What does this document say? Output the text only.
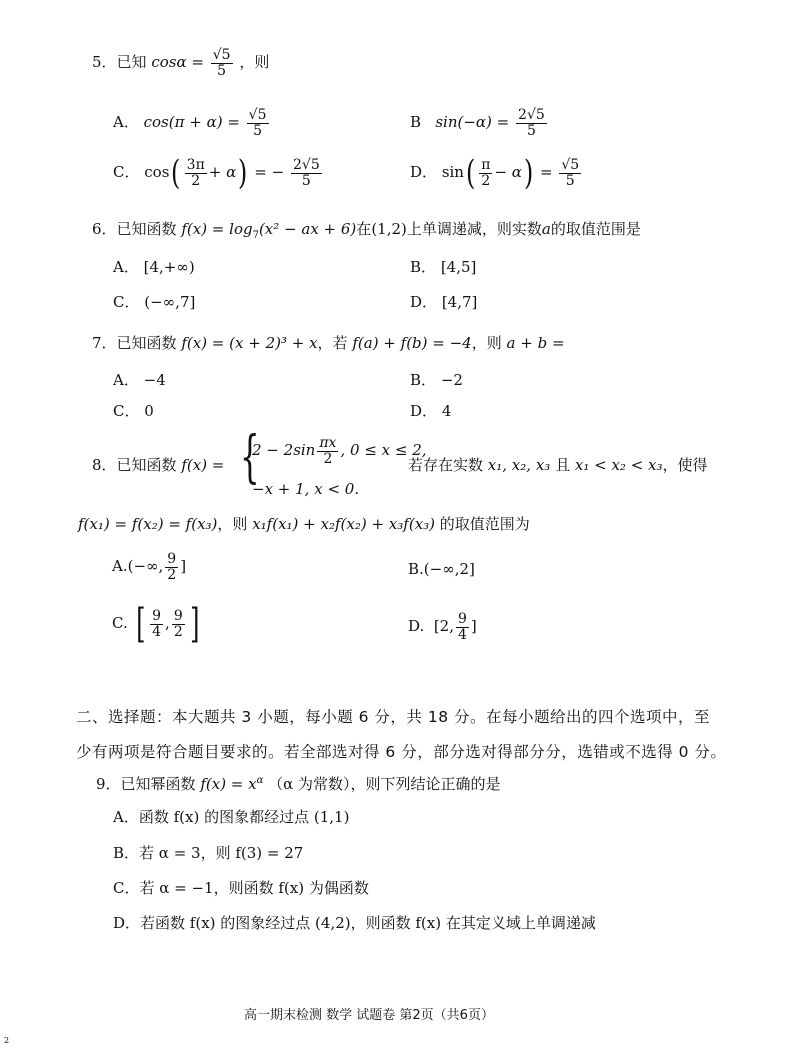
5．已知 $\cos\alpha = \frac{√5}{5}$ ，则
A． $\cos(\pi + \alpha) = \frac{√5}{5}$	B $\sin(-\alpha) = \frac{2√5}{5}$
C． $\cos( \frac{3\pi}{2} + \alpha)$ = − $\frac{2√5}{5}$	D． $\sin( \frac{\pi}{2} - \alpha) = \frac{√5}{5}$
6．已知函数 $f(x) = \log_7(x^2$ − ax + 6)在(1,2)上单调递减，则实数a的取值范围是
A． [4,+∞)	B． [4,5]
C． (−∞,7]	D． [4,7]
7．已知函数 f(x) = (x + 2)³ + x，若 f(a) + f(b) = −4，则 a + b =
A． −4	B． −2
C． 0	D． 4
8．已知函数 f(x) = {
$2 - 2\sin \frac{\pi x}{2}$ , 0 ≤ x ≤ 2,
−x + 1, x < 0.
若存在实数 x₁, x₂, x₃ 且 x₁ < x₂ < x₃，使得
f(x₁) = f(x₂) = f(x₃)，则 x₁f(x₁) + x₂f(x₂) + x₃f(x₃) 的取值范围为
A.(−∞, $\frac{9}{2}$ ]	B.(−∞,2]
C. [ $\frac{9}{4}$ , $\frac{9}{2}$ ]	D. [2, $\frac{9}{4}$ ]
二、选择题：本大题共 3 小题，每小题 6 分，共 18 分。在每小题给出的四个选项中，至
少有两项是符合题目要求的。若全部选对得 6 分，部分选对得部分分，选错或不选得 0 分。
9．已知幂函数 $f(x) = x^\alpha$ （α 为常数），则下列结论正确的是
A．函数 f(x) 的图象都经过点 (1,1)
B．若 α = 3，则 f(3) = 27
C．若 α = −1，则函数 f(x) 为偶函数
D．若函数 f(x) 的图象经过点 (4,2)，则函数 f(x) 在其定义域上单调递减
高一期末检测 数学 试题卷 第2页（共6页）
2
